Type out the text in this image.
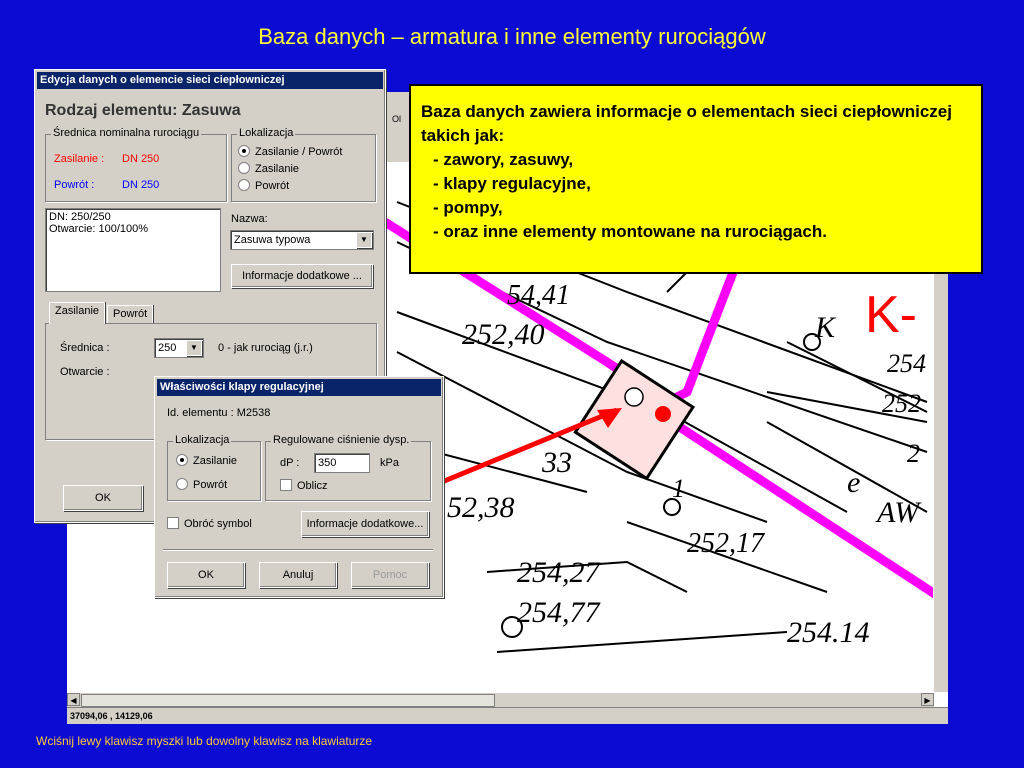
Baza danych – armatura i inne elementy rurociągów
54,41
252,40	K K-
254
252
2
e
AW
52,38
252,17
254,27
254,77
254.14
33
1
Ol
◀	▶
37094,06 , 14129,06
Edycja danych o elemencie sieci ciepłowniczej
Rodzaj elementu: Zasuwa
Średnica nominalna rurociągu
Zasilanie : DN 250
Powrót :	DN 250
Lokalizacja
Zasilanie / Powrót
Zasilanie
Powrót
DN: 250/250
Otwarcie: 100/100%
Nazwa:
Zasuwa typowa	▼
Informacje dodatkowe ...
Zasilanie	Powrót
Średnica :	250	▼	0 - jak rurociąg (j.r.)
Otwarcie :
OK
Właściwości klapy regulacyjnej
Id. elementu : M2538
Lokalizacja
Zasilanie
Powrót
Regulowane ciśnienie dysp.
dP :	350	kPa
Oblicz
Obróć symbol	Informacje dodatkowe...
OK	Anuluj	Pomoc
Baza danych zawiera informacje o elementach sieci ciepłowniczej takich jak:
- zawory, zasuwy,
- klapy regulacyjne,
- pompy,
- oraz inne elementy montowane na rurociągach.
Wciśnij lewy klawisz myszki lub dowolny klawisz na klawiaturze
